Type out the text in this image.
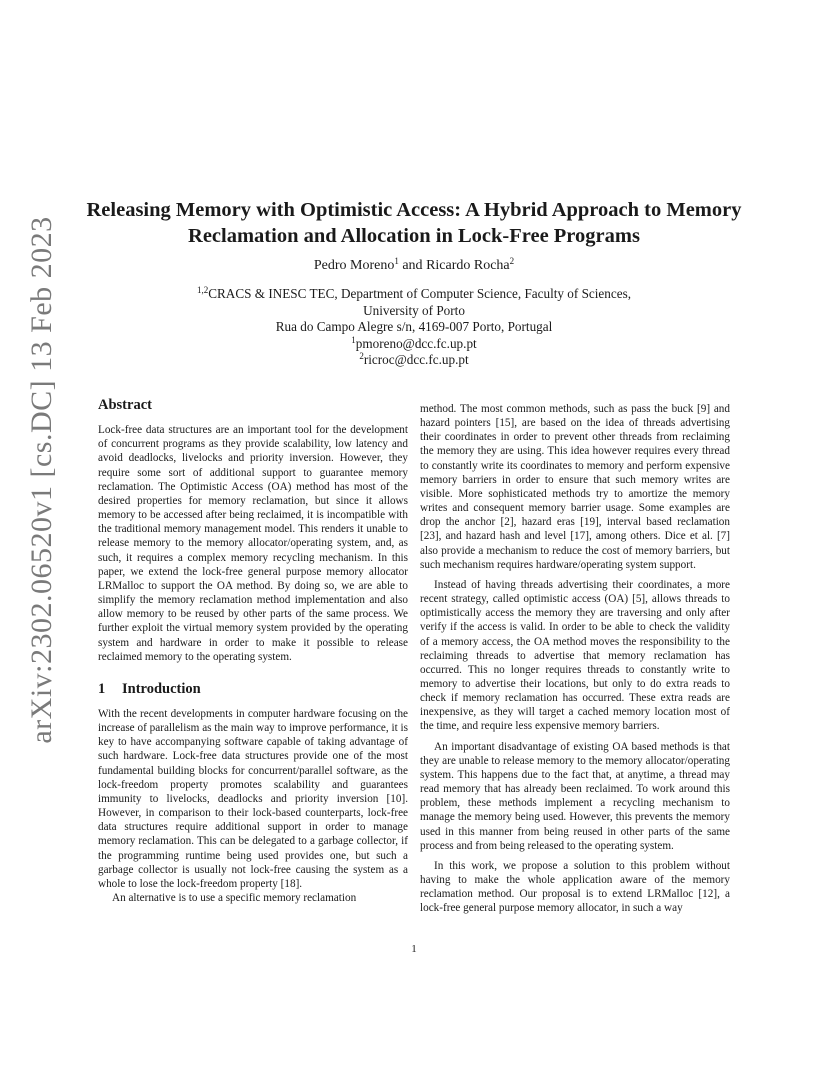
arXiv:2302.06520v1 [cs.DC] 13 Feb 2023
Releasing Memory with Optimistic Access: A Hybrid Approach to Memory Reclamation and Allocation in Lock-Free Programs
Pedro Moreno$^1$ and Ricardo Rocha$^2$
$^{1,2}$CRACS & INESC TEC, Department of Computer Science, Faculty of Sciences,
University of Porto
Rua do Campo Alegre s/n, 4169-007 Porto, Portugal
$^1$pmoreno@dcc.fc.up.pt
$^2$ricroc@dcc.fc.up.pt
Abstract

Lock-free data structures are an important tool for the development of concurrent programs as they provide scalability, low latency and avoid deadlocks, livelocks and priority inversion. However, they require some sort of additional support to guarantee memory reclamation. The Optimistic Access (OA) method has most of the desired properties for memory reclamation, but since it allows memory to be accessed after being reclaimed, it is incompatible with the traditional memory management model. This renders it unable to release memory to the memory allocator/operating system, and, as such, it requires a complex memory recycling mechanism. In this paper, we extend the lock-free general purpose memory allocator LRMalloc to support the OA method. By doing so, we are able to simplify the memory reclamation method implementation and also allow memory to be reused by other parts of the same process. We further exploit the virtual memory system provided by the operating system and hardware in order to make it possible to release reclaimed memory to the operating system.

1 Introduction

With the recent developments in computer hardware focusing on the increase of parallelism as the main way to improve performance, it is key to have accompanying software capable of taking advantage of such hardware. Lock-free data structures provide one of the most fundamental building blocks for concurrent/parallel software, as the lock-freedom property promotes scalability and guarantees immunity to livelocks, deadlocks and priority inversion [10]. However, in comparison to their lock-based counterparts, lock-free data structures require additional support in order to manage memory reclamation. This can be delegated to a garbage collector, if the programming runtime being used provides one, but such a garbage collector is usually not lock-free causing the system as a whole to lose the lock-freedom property [18].

An alternative is to use a specific memory reclamation

method. The most common methods, such as pass the buck [9] and hazard pointers [15], are based on the idea of threads advertising their coordinates in order to prevent other threads from reclaiming the memory they are using. This idea however requires every thread to constantly write its coordinates to memory and perform expensive memory barriers in order to ensure that such memory writes are visible. More sophisticated methods try to amortize the memory writes and consequent memory barrier usage. Some examples are drop the anchor [2], hazard eras [19], interval based reclamation [23], and hazard hash and level [17], among others. Dice et al. [7] also provide a mechanism to reduce the cost of memory barriers, but such mechanism requires hardware/operating system support.

Instead of having threads advertising their coordinates, a more recent strategy, called optimistic access (OA) [5], allows threads to optimistically access the memory they are traversing and only after verify if the access is valid. In order to be able to check the validity of a memory access, the OA method moves the responsibility to the reclaiming threads to advertise that memory reclamation has occurred. This no longer requires threads to constantly write to memory to advertise their locations, but only to do extra reads to check if memory reclamation has occurred. These extra reads are inexpensive, as they will target a cached memory location most of the time, and require less expensive memory barriers.

An important disadvantage of existing OA based methods is that they are unable to release memory to the memory allocator/operating system. This happens due to the fact that, at anytime, a thread may read memory that has already been reclaimed. To work around this problem, these methods implement a recycling mechanism to manage the memory being used. However, this prevents the memory used in this manner from being reused in other parts of the same process and from being released to the operating system.

In this work, we propose a solution to this problem without having to make the whole application aware of the memory reclamation method. Our proposal is to extend LRMalloc [12], a lock-free general purpose memory allocator, in such a way

1
